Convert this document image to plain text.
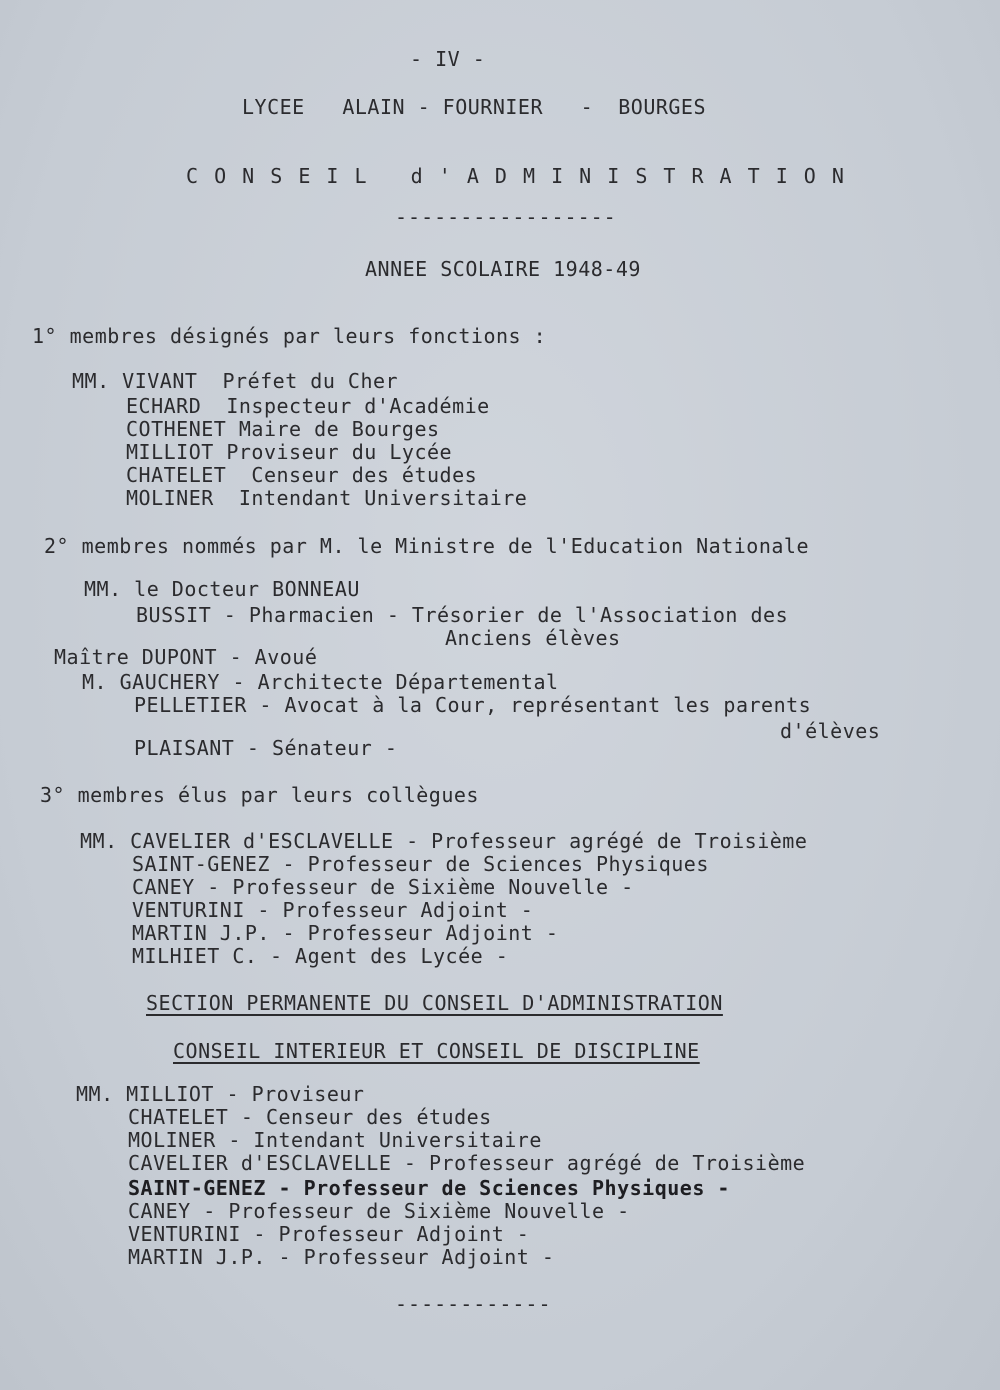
- IV -
LYCEE   ALAIN - FOURNIER   -  BOURGES
C O N S E I L   d ' A D M I N I S T R A T I O N
-----------------
ANNEE SCOLAIRE 1948-49
1° membres désignés par leurs fonctions :
MM. VIVANT  Préfet du Cher
ECHARD  Inspecteur d'Académie
COTHENET Maire de Bourges
MILLIOT Proviseur du Lycée
CHATELET  Censeur des études
MOLINER  Intendant Universitaire
2° membres nommés par M. le Ministre de l'Education Nationale
MM. le Docteur BONNEAU
BUSSIT - Pharmacien - Trésorier de l'Association des
Anciens élèves
Maître DUPONT - Avoué
M. GAUCHERY - Architecte Départemental
PELLETIER - Avocat à la Cour, représentant les parents
d'élèves
PLAISANT - Sénateur -
3° membres élus par leurs collègues
MM. CAVELIER d'ESCLAVELLE - Professeur agrégé de Troisième
SAINT-GENEZ - Professeur de Sciences Physiques
CANEY - Professeur de Sixième Nouvelle -
VENTURINI - Professeur Adjoint -
MARTIN J.P. - Professeur Adjoint -
MILHIET C. - Agent des Lycée -
SECTION PERMANENTE DU CONSEIL D'ADMINISTRATION
CONSEIL INTERIEUR ET CONSEIL DE DISCIPLINE
MM. MILLIOT - Proviseur
CHATELET - Censeur des études
MOLINER - Intendant Universitaire
CAVELIER d'ESCLAVELLE - Professeur agrégé de Troisième
SAINT-GENEZ - Professeur de Sciences Physiques -
CANEY - Professeur de Sixième Nouvelle -
VENTURINI - Professeur Adjoint -
MARTIN J.P. - Professeur Adjoint -
------------
